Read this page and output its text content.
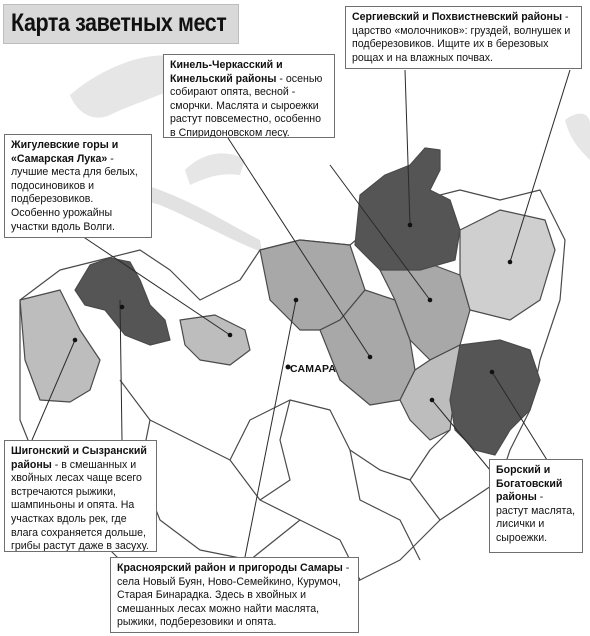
Карта заветных мест
САМАРА
Жигулевские горы и «Самарская Лука» - лучшие места для белых, подосиновиков и подберезовиков. Особенно урожайны участки вдоль Волги.
Кинель-Черкасский и Кинельский районы - осенью собирают опята, весной - сморчки. Маслята и сыроежки растут повсеместно, особенно в Спиридоновском лесу.
Сергиевский и Похвистневский районы - царство «молочников»: груздей, волнушек и подберезовиков. Ищите их в березовых рощах и на влажных почвах.
Шигонский и Сызранский районы - в смешанных и хвойных лесах чаще всего встречаются рыжики, шампиньоны и опята. На участках вдоль рек, где влага сохраняется дольше, грибы растут даже в засуху.
Борский и Богатовский районы - растут маслята, лисички и сыроежки.
Красноярский район и пригороды Самары - села Новый Буян, Ново-Семейкино, Курумоч, Старая Бинарадка. Здесь в хвойных и смешанных лесах можно найти маслята, рыжики, подберезовики и опята.
